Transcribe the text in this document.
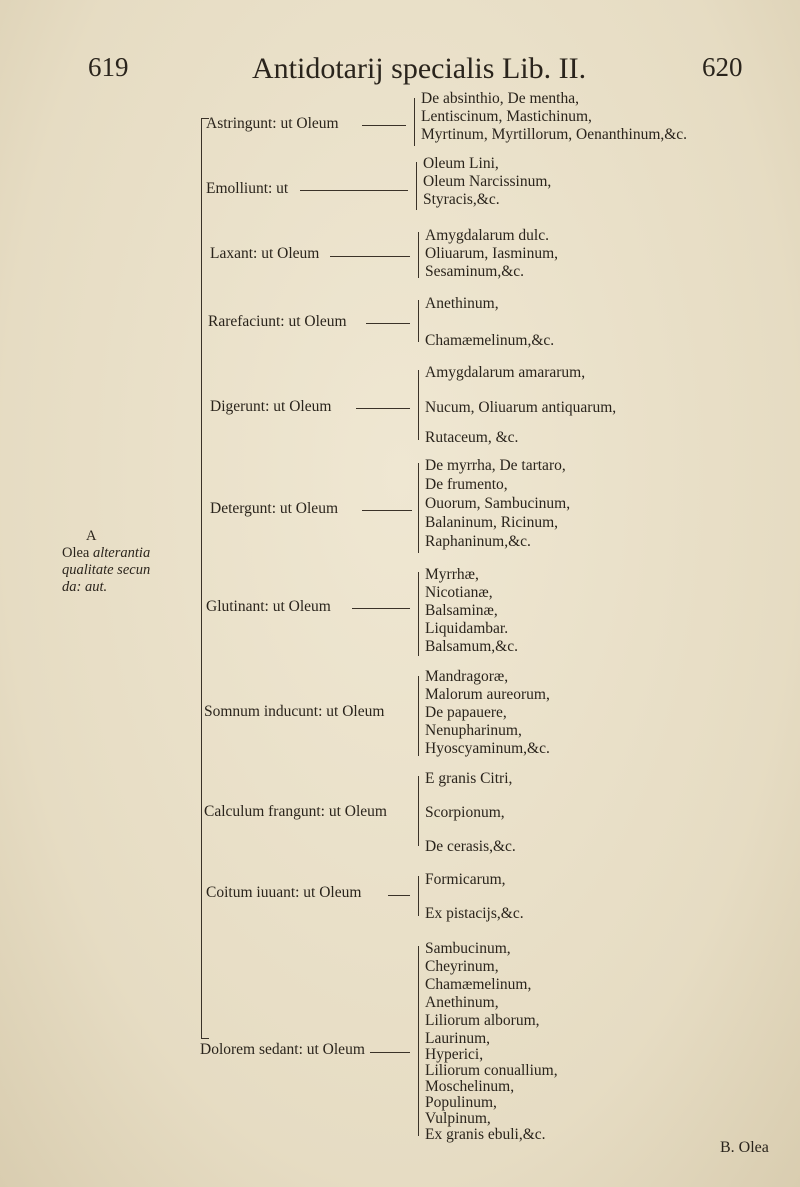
619	Antidotarij specialis Lib. II.	620
A
Olea alterantia
qualitate secun
da: aut.
Astringunt: ut Oleum
De absinthio, De mentha,
Lentiscinum, Mastichinum,
Myrtinum, Myrtillorum, Oenanthinum,&c.
Emolliunt: ut
Oleum Lini,
Oleum Narcissinum,
Styracis,&c.
Laxant: ut Oleum
Amygdalarum dulc.
Oliuarum, Iasminum,
Sesaminum,&c.
Rarefaciunt: ut Oleum
Anethinum,
Chamæmelinum,&c.
Digerunt: ut Oleum
Amygdalarum amararum,
Nucum, Oliuarum antiquarum,
Rutaceum, &c.
Detergunt: ut Oleum
De myrrha, De tartaro,
De frumento,
Ouorum, Sambucinum,
Balaninum, Ricinum,
Raphaninum,&c.
Glutinant: ut Oleum
Myrrhæ,
Nicotianæ,
Balsaminæ,
Liquidambar.
Balsamum,&c.
Somnum inducunt: ut Oleum
Mandragoræ,
Malorum aureorum,
De papauere,
Nenupharinum,
Hyoscyaminum,&c.
Calculum frangunt: ut Oleum
E granis Citri,
Scorpionum,
De cerasis,&c.
Coitum iuuant: ut Oleum
Formicarum,
Ex pistacijs,&c.
Dolorem sedant: ut Oleum
Sambucinum,
Cheyrinum,
Chamæmelinum,
Anethinum,
Liliorum alborum,
Laurinum,
Hyperici,
Liliorum conuallium,
Moschelinum,
Populinum,
Vulpinum,
Ex granis ebuli,&c.
B. Olea
